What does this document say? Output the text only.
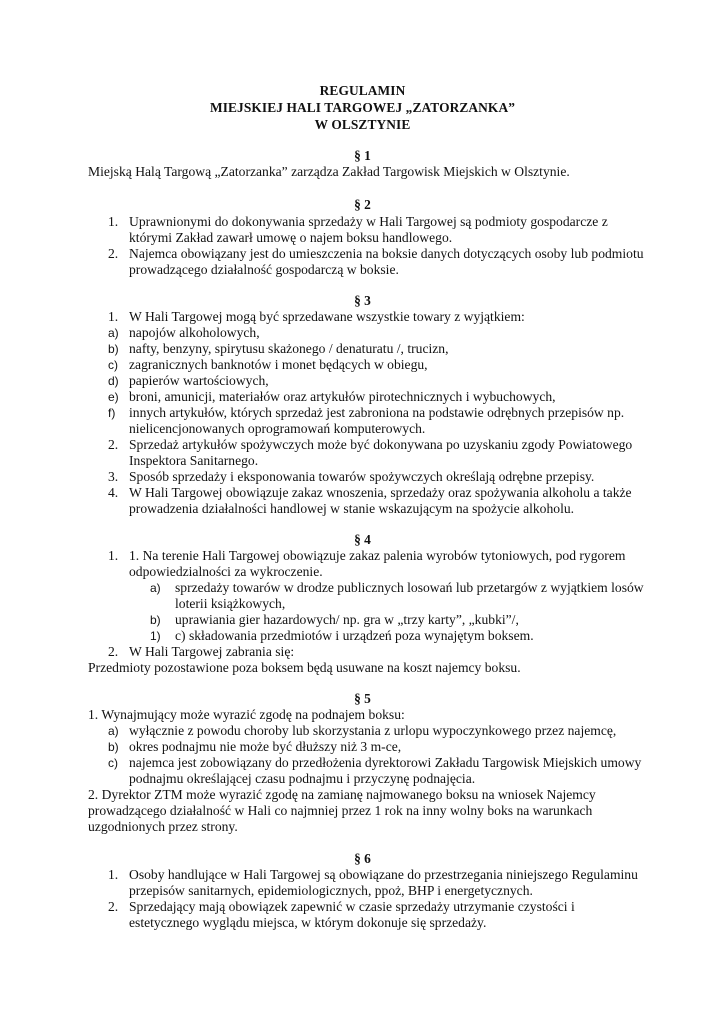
REGULAMIN
MIEJSKIEJ HALI TARGOWEJ „ZATORZANKA”
W OLSZTYNIE
§ 1
Miejską Halą Targową „Zatorzanka” zarządza Zakład Targowisk Miejskich w Olsztynie.
§ 2
1. Uprawnionymi do dokonywania sprzedaży w Hali Targowej są podmioty gospodarcze z
którymi Zakład zawarł umowę o najem boksu handlowego.
2. Najemca obowiązany jest do umieszczenia na boksie danych dotyczących osoby lub podmiotu
prowadzącego działalność gospodarczą w boksie.
§ 3
1. W Hali Targowej mogą być sprzedawane wszystkie towary z wyjątkiem:
a) napojów alkoholowych,
b) nafty, benzyny, spirytusu skażonego / denaturatu /, trucizn,
c) zagranicznych banknotów i monet będących w obiegu,
d) papierów wartościowych,
e) broni, amunicji, materiałów oraz artykułów pirotechnicznych i wybuchowych,
f) innych artykułów, których sprzedaż jest zabroniona na podstawie odrębnych przepisów np.
nielicencjonowanych oprogramowań komputerowych.
2. Sprzedaż artykułów spożywczych może być dokonywana po uzyskaniu zgody Powiatowego
Inspektora Sanitarnego.
3. Sposób sprzedaży i eksponowania towarów spożywczych określają odrębne przepisy.
4. W Hali Targowej obowiązuje zakaz wnoszenia, sprzedaży oraz spożywania alkoholu a także
prowadzenia działalności handlowej w stanie wskazującym na spożycie alkoholu.
§ 4
1. 1. Na terenie Hali Targowej obowiązuje zakaz palenia wyrobów tytoniowych, pod rygorem
odpowiedzialności za wykroczenie.
a) sprzedaży towarów w drodze publicznych losowań lub przetargów z wyjątkiem losów
loterii książkowych,
b) uprawiania gier hazardowych/ np. gra w „trzy karty”, „kubki”/,
1) c) składowania przedmiotów i urządzeń poza wynajętym boksem.
2. W Hali Targowej zabrania się:
Przedmioty pozostawione poza boksem będą usuwane na koszt najemcy boksu.
§ 5
1. Wynajmujący może wyrazić zgodę na podnajem boksu:
a) wyłącznie z powodu choroby lub skorzystania z urlopu wypoczynkowego przez najemcę,
b) okres podnajmu nie może być dłuższy niż 3 m-ce,
c) najemca jest zobowiązany do przedłożenia dyrektorowi Zakładu Targowisk Miejskich umowy
podnajmu określającej czasu podnajmu i przyczynę podnajęcia.
2. Dyrektor ZTM może wyrazić zgodę na zamianę najmowanego boksu na wniosek Najemcy
prowadzącego działalność w Hali co najmniej przez 1 rok na inny wolny boks na warunkach
uzgodnionych przez strony.
§ 6
1. Osoby handlujące w Hali Targowej są obowiązane do przestrzegania niniejszego Regulaminu
przepisów sanitarnych, epidemiologicznych, ppoż, BHP i energetycznych.
2. Sprzedający mają obowiązek zapewnić w czasie sprzedaży utrzymanie czystości i
estetycznego wyglądu miejsca, w którym dokonuje się sprzedaży.
